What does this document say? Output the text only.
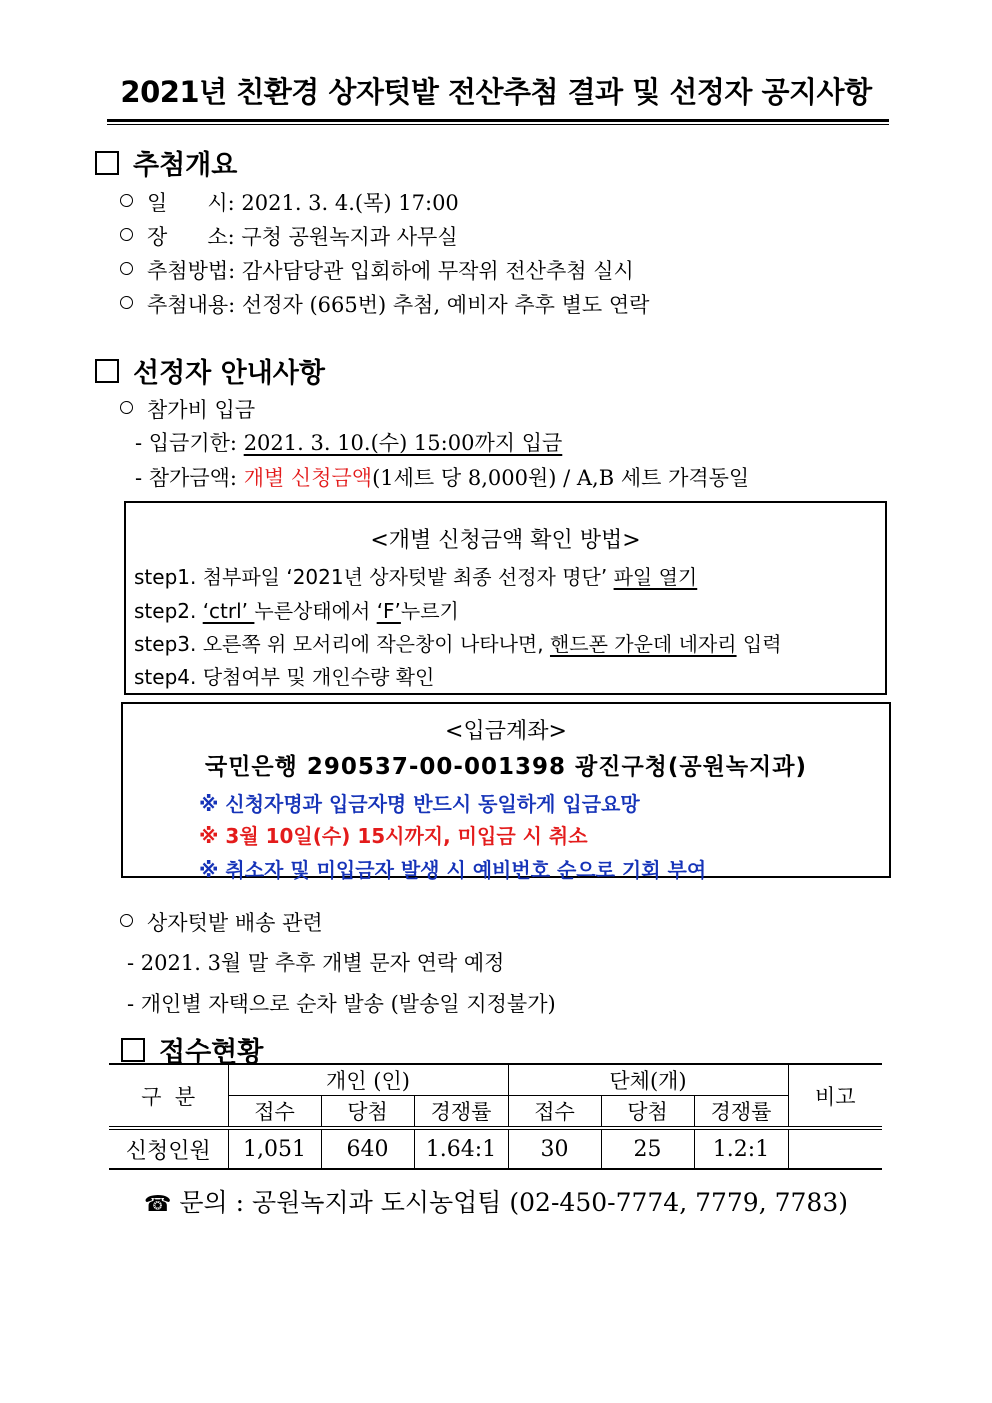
2021년 친환경 상자텃밭 전산추첨 결과 및 선정자 공지사항
추첨개요
일      시: 2021. 3. 4.(목) 17:00
장      소: 구청 공원녹지과 사무실
추첨방법: 감사담당관 입회하에 무작위 전산추첨 실시
추첨내용: 선정자 (665번) 추첨, 예비자 추후 별도 연락
선정자 안내사항
참가비 입금
- 입금기한: 2021. 3. 10.(수) 15:00까지 입금
- 참가금액: 개별 신청금액(1세트 당 8,000원) / A,B 세트 가격동일
<개별 신청금액 확인 방법>
step1. 첨부파일 ‘2021년 상자텃밭 최종 선정자 명단’ 파일 열기
step2. ‘ctrl’ 누른상태에서 ‘F’누르기
step3. 오른쪽 위 모서리에 작은창이 나타나면, 핸드폰 가운데 네자리 입력
step4. 당첨여부 및 개인수량 확인
<입금계좌>
국민은행 290537-00-001398 광진구청(공원녹지과)
※ 신청자명과 입금자명 반드시 동일하게 입금요망
※ 3월 10일(수) 15시까지, 미입금 시 취소
※ 취소자 및 미입금자 발생 시 예비번호 순으로 기회 부여
상자텃밭 배송 관련
- 2021. 3월 말 추후 개별 문자 연락 예정
- 개인별 자택으로 순차 발송 (발송일 지정불가)
접수현황
구  분	개인 (인)			단체(개)			비고
	접수	당첨	경쟁률	접수	당첨	경쟁률	
신청인원	1,051	640	1.64:1	30	25	1.2:1	
☎ 문의 : 공원녹지과 도시농업팀 (02-450-7774, 7779, 7783)
